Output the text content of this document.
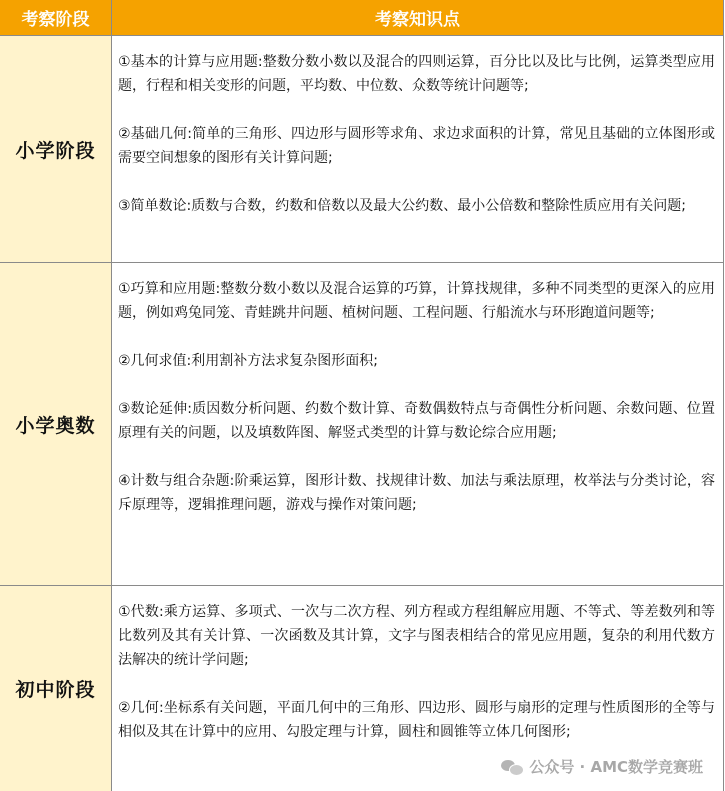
考察阶段	考察知识点
小学阶段
①基本的计算与应用题:整数分数小数以及混合的四则运算，百分比以及比与比例，运算类型应用题，行程和相关变形的问题，平均数、中位数、众数等统计问题等;
②基础几何:简单的三角形、四边形与圆形等求角、求边求面积的计算，常见且基础的立体图形或需要空间想象的图形有关计算问题;
③简单数论:质数与合数，约数和倍数以及最大公约数、最小公倍数和整除性质应用有关问题;
小学奥数
①巧算和应用题:整数分数小数以及混合运算的巧算，计算找规律，多种不同类型的更深入的应用题，例如鸡兔同笼、青蛙跳井问题、植树问题、工程问题、行船流水与环形跑道问题等;
②几何求值:利用割补方法求复杂图形面积;
③数论延伸:质因数分析问题、约数个数计算、奇数偶数特点与奇偶性分析问题、余数问题、位置原理有关的问题，以及填数阵图、解竖式类型的计算与数论综合应用题;
④计数与组合杂题:阶乘运算，图形计数、找规律计数、加法与乘法原理，枚举法与分类讨论，容斥原理等，逻辑推理问题，游戏与操作对策问题;
初中阶段
①代数:乘方运算、多项式、一次与二次方程、列方程或方程组解应用题、不等式、等差数列和等比数列及其有关计算、一次函数及其计算，文字与图表相结合的常见应用题，复杂的利用代数方法解决的统计学问题;
②几何:坐标系有关问题，平面几何中的三角形、四边形、圆形与扇形的定理与性质图形的全等与相似及其在计算中的应用、勾股定理与计算，圆柱和圆锥等立体几何图形;
公众号 · AMC数学竞赛班
